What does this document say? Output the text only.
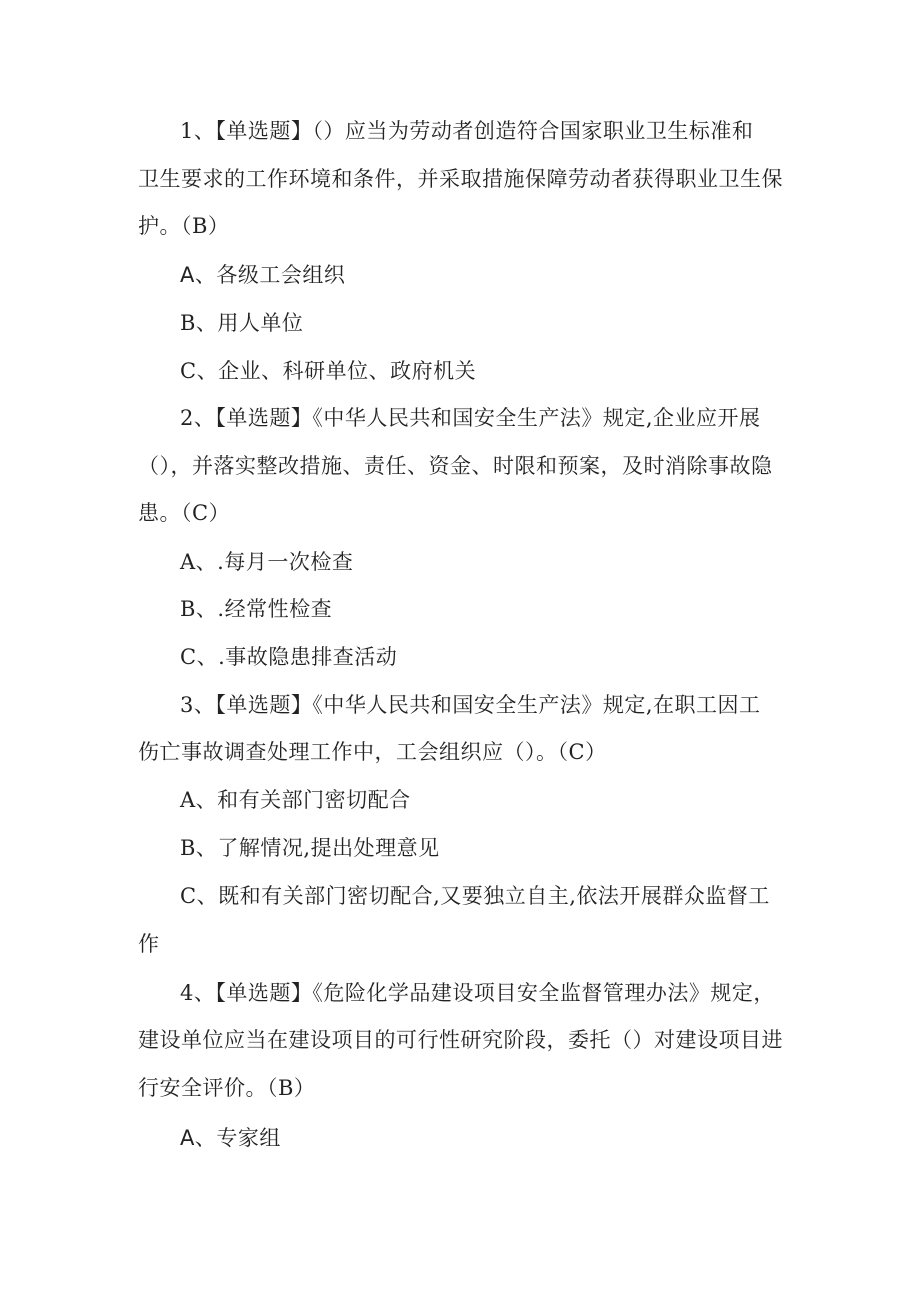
1、【单选题】（）应当为劳动者创造符合国家职业卫生标准和
卫生要求的工作环境和条件，并采取措施保障劳动者获得职业卫生保
护。（B）
A、各级工会组织
B、用人单位
C、企业、科研单位、政府机关
2、【单选题】《中华人民共和国安全生产法》规定,企业应开展
（），并落实整改措施、责任、资金、时限和预案，及时消除事故隐
患。（C）
A、.每月一次检查
B、.经常性检查
C、.事故隐患排查活动
3、【单选题】《中华人民共和国安全生产法》规定,在职工因工
伤亡事故调查处理工作中，工会组织应（）。（C）
A、和有关部门密切配合
B、了解情况,提出处理意见
C、既和有关部门密切配合,又要独立自主,依法开展群众监督工
作
4、【单选题】《危险化学品建设项目安全监督管理办法》规定，
建设单位应当在建设项目的可行性研究阶段，委托（）对建设项目进
行安全评价。（B）
A、专家组
